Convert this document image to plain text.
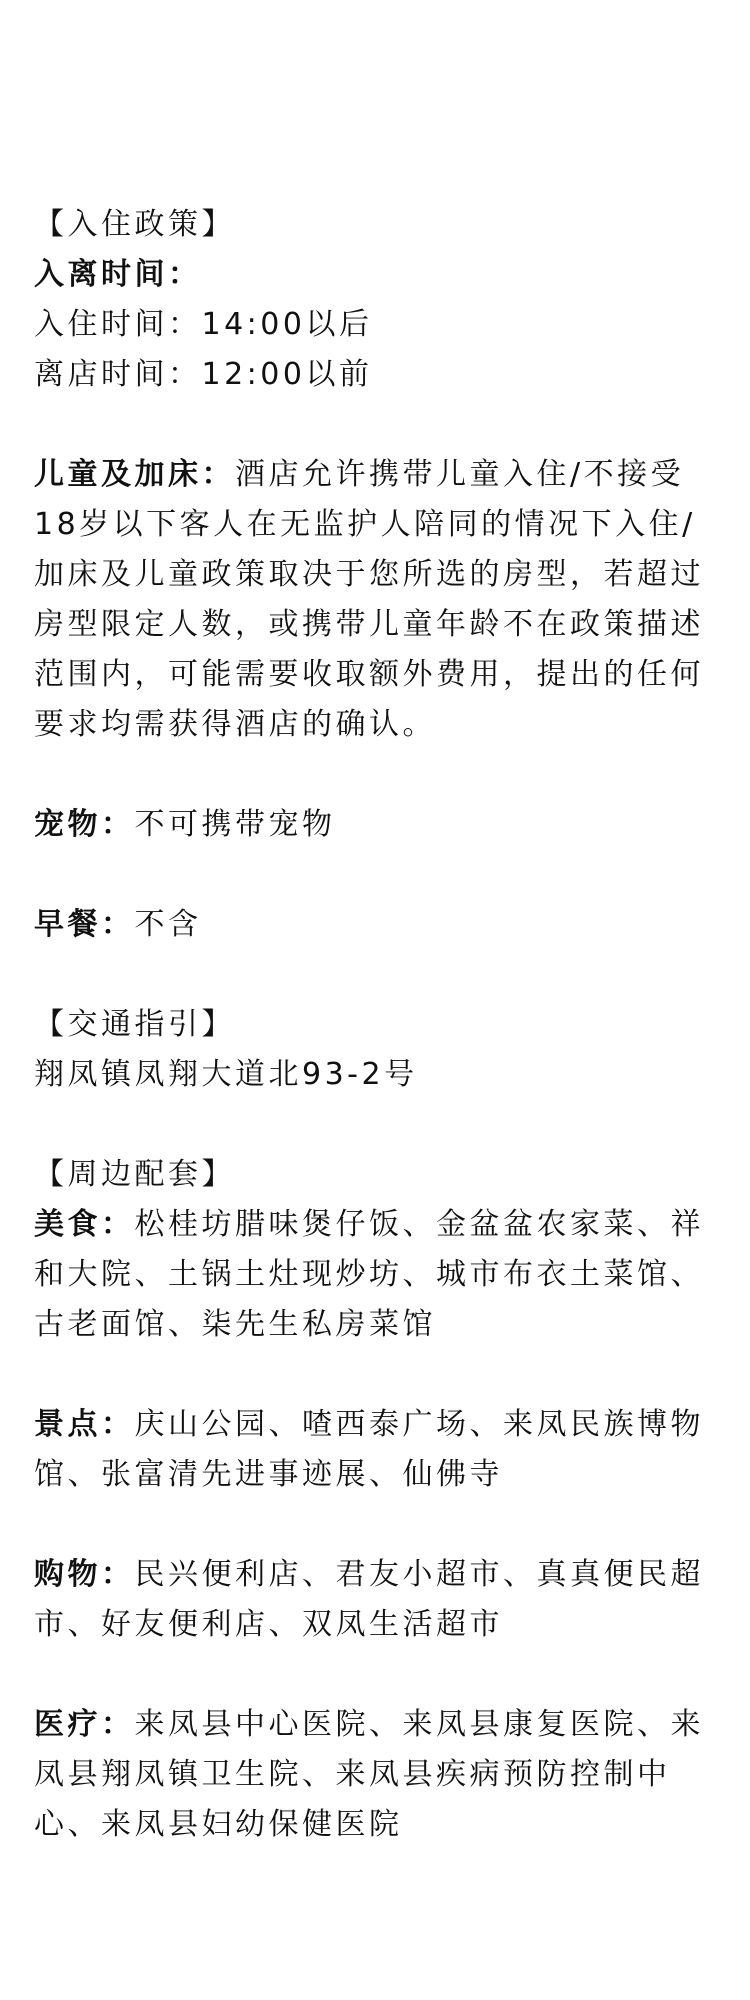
【入住政策】

入离时间：

入住时间：14:00以后

离店时间：12:00以前

儿童及加床：酒店允许携带儿童入住/不接受18岁以下客人在无监护人陪同的情况下入住/加床及儿童政策取决于您所选的房型，若超过房型限定人数，或携带儿童年龄不在政策描述范围内，可能需要收取额外费用，提出的任何要求均需获得酒店的确认。

宠物：不可携带宠物

早餐：不含

【交通指引】

翔凤镇凤翔大道北93-2号

【周边配套】

美食：松桂坊腊味煲仔饭、金盆盆农家菜、祥和大院、土锅土灶现炒坊、城市布衣土菜馆、古老面馆、柒先生私房菜馆

景点：庆山公园、喳西泰广场、来凤民族博物馆、张富清先进事迹展、仙佛寺

购物：民兴便利店、君友小超市、真真便民超市、好友便利店、双凤生活超市

医疗：来凤县中心医院、来凤县康复医院、来凤县翔凤镇卫生院、来凤县疾病预防控制中心、来凤县妇幼保健医院
